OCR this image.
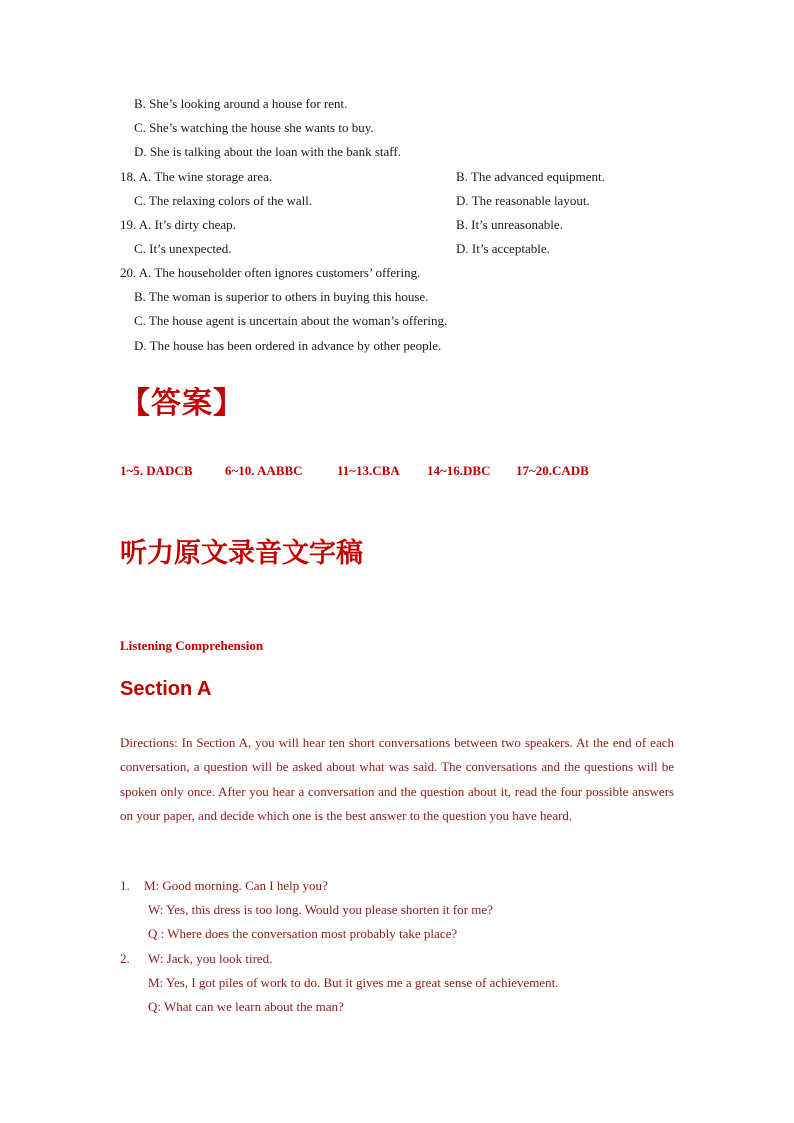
B. She’s looking around a house for rent.
C. She’s watching the house she wants to buy.
D. She is talking about the loan with the bank staff.
18. A. The wine storage area.	B. The advanced equipment.
C. The relaxing colors of the wall.	D. The reasonable layout.
19. A. It’s dirty cheap.	B. It’s unreasonable.
C. It’s unexpected.	D. It’s acceptable.
20. A. The householder often ignores customers’ offering.
B. The woman is superior to others in buying this house.
C. The house agent is uncertain about the woman’s offering.
D. The house has been ordered in advance by other people.
【答案】
1~5. DADCB	6~10. AABBC	11~13.CBA 14~16.DBC 17~20.CADB
听力原文录音文字稿
Listening Comprehension
Section A
Directions: In Section A, you will hear ten short conversations between two speakers. At the end of each conversation, a question will be asked about what was said. The conversations and the questions will be spoken only once. After you hear a conversation and the question about it, read the four possible answers on your paper, and decide which one is the best answer to the question you have heard.
1. M: Good morning. Can I help you?
W: Yes, this dress is too long. Would you please shorten it for me?
Q : Where does the conversation most probably take place?
2. W: Jack, you look tired.
M: Yes, I got piles of work to do. But it gives me a great sense of achievement.
Q: What can we learn about the man?
